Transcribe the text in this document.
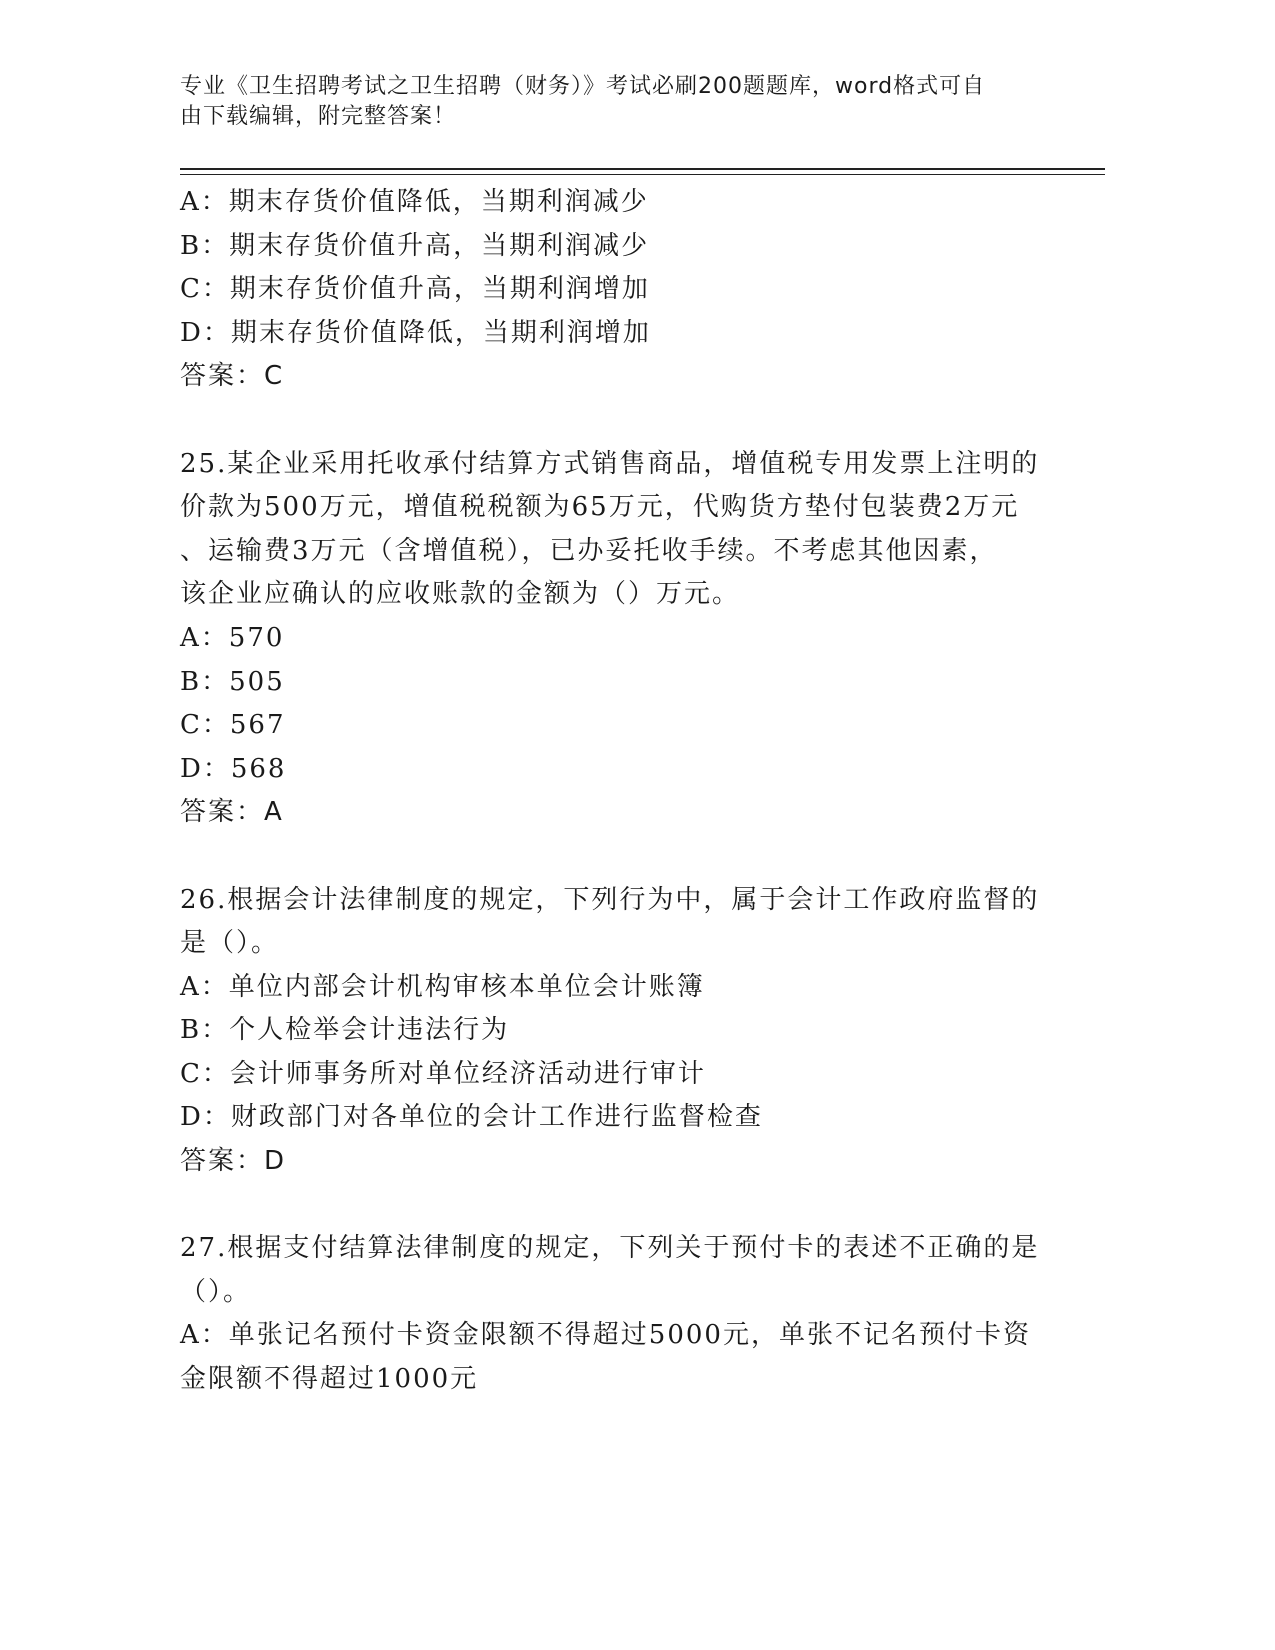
专业《卫生招聘考试之卫生招聘（财务）》考试必刷200题题库，word格式可自
由下载编辑，附完整答案！

A：期末存货价值降低，当期利润减少

B：期末存货价值升高，当期利润减少

C：期末存货价值升高，当期利润增加

D：期末存货价值降低，当期利润增加

答案：C

25.某企业采用托收承付结算方式销售商品，增值税专用发票上注明的

价款为500万元，增值税税额为65万元，代购货方垫付包装费2万元

、运输费3万元（含增值税），已办妥托收手续。不考虑其他因素，

该企业应确认的应收账款的金额为（）万元。

A：570

B：505

C：567

D：568

答案：A

26.根据会计法律制度的规定，下列行为中，属于会计工作政府监督的

是（）。

A：单位内部会计机构审核本单位会计账簿

B：个人检举会计违法行为

C：会计师事务所对单位经济活动进行审计

D：财政部门对各单位的会计工作进行监督检查

答案：D

27.根据支付结算法律制度的规定，下列关于预付卡的表述不正确的是

（）。

A：单张记名预付卡资金限额不得超过5000元，单张不记名预付卡资

金限额不得超过1000元
